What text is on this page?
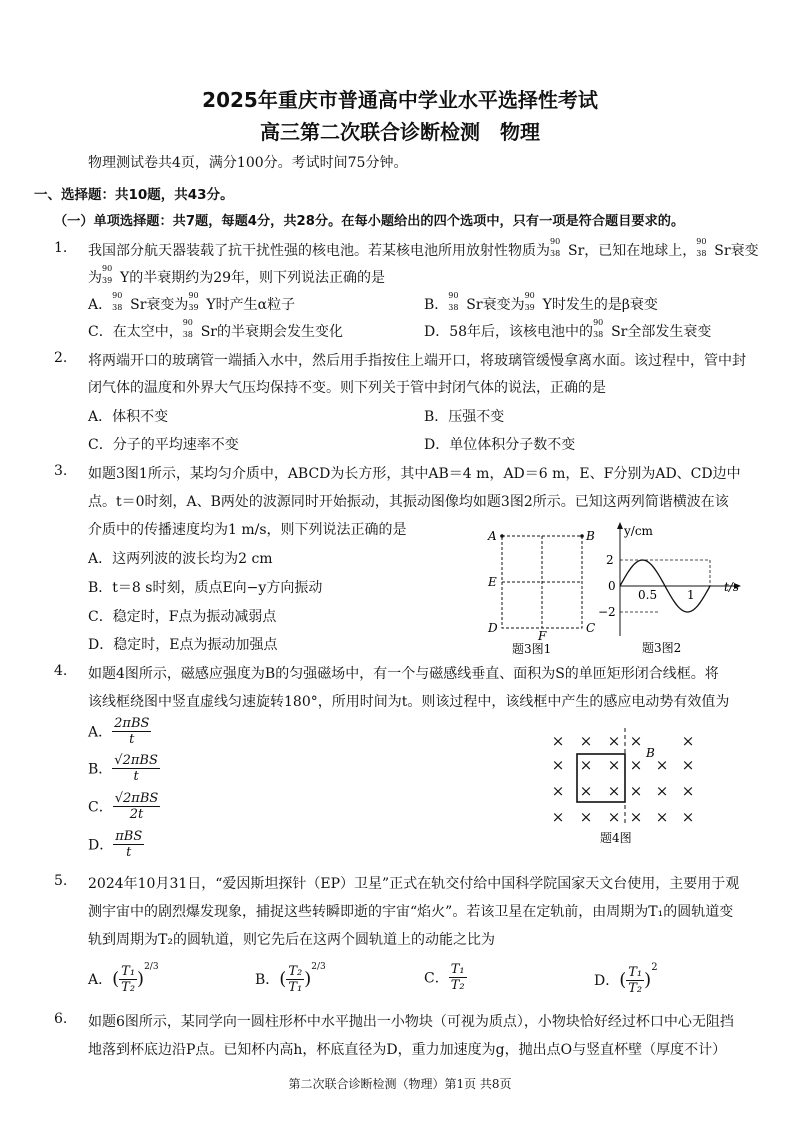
2025年重庆市普通高中学业水平选择性考试
高三第二次联合诊断检测　物理
物理测试卷共4页，满分100分。考试时间75分钟。
一、选择题：共10题，共43分。
（一）单项选择题：共7题，每题4分，共28分。在每小题给出的四个选项中，只有一项是符合题目要求的。
1. 我国部分航天器装载了抗干扰性强的核电池。若某核电池所用放射性物质为
90
38 Sr，已知在地球上，
90
38 Sr衰变
为
90
39 Y的半衰期约为29年，则下列说法正确的是
A．
90
38 Sr衰变为
90
39 Y时产生α粒子	B．
90
38 Sr衰变为
90
39 Y时发生的是β衰变
C．在太空中，
90
38 Sr的半衰期会发生变化	D．58年后，该核电池中的
90
38 Sr全部发生衰变
2. 将两端开口的玻璃管一端插入水中，然后用手指按住上端开口，将玻璃管缓慢拿离水面。该过程中，管中封
闭气体的温度和外界大气压均保持不变。则下列关于管中封闭气体的说法，正确的是
A．体积不变	B．压强不变
C．分子的平均速率不变	D．单位体积分子数不变
3. 如题3图1所示，某均匀介质中，ABCD为长方形，其中AB＝4 m，AD＝6 m，E、F分别为AD、CD边中
点。t＝0时刻，A、B两处的波源同时开始振动，其振动图像均如题3图2所示。已知这两列简谐横波在该
介质中的传播速度均为1 m/s，则下列说法正确的是
A．这两列波的波长均为2 cm
B．t＝8 s时刻，质点E向−y方向振动
C．稳定时，F点为振动减弱点
D．稳定时，E点为振动加强点
A	B
E
D	C
F
题3图1
y/cm
t/s
2
0
−2
0.5 1
题3图2
4. 如题4图所示，磁感应强度为B的匀强磁场中，有一个与磁感线垂直、面积为S的单匝矩形闭合线框。将
该线框绕图中竖直虚线匀速旋转180°，所用时间为t。则该过程中，该线框中产生的感应电动势有效值为
A． $\frac{\text{2πBS}}{t}$
B． $\frac{\text{√2πBS}}{t}$
C． $\frac{\text{√2πBS}}{2t}$
D． $\frac{\text{πBS}}{t}$
× × × ×	×
× × × × × ×
× × × × × ×
× × × × × ×
B
题4图
5. 2024年10月31日，“爱因斯坦探针（EP）卫星”正式在轨交付给中国科学院国家天文台使用，主要用于观
测宇宙中的剧烈爆发现象，捕捉这些转瞬即逝的宇宙“焰火”。若该卫星在定轨前，由周期为T₁的圆轨道变
轨到周期为T₂的圆轨道，则它先后在这两个圆轨道上的动能之比为
A．( $\frac{\text{T₁}}{\text{T₂}} )^{2/3}$
B．( $\frac{\text{T₂}}{\text{T₁}} )^{2/3}$
C． $\frac{\text{T₁}}{\text{T₂}}$	D．( $\frac{\text{T₁}}{\text{T₂}} )^2$
6. 如题6图所示，某同学向一圆柱形杯中水平抛出一小物块（可视为质点），小物块恰好经过杯口中心无阻挡
地落到杯底边沿P点。已知杯内高h，杯底直径为D，重力加速度为g，抛出点O与竖直杯壁（厚度不计）
第二次联合诊断检测（物理）第1页 共8页
